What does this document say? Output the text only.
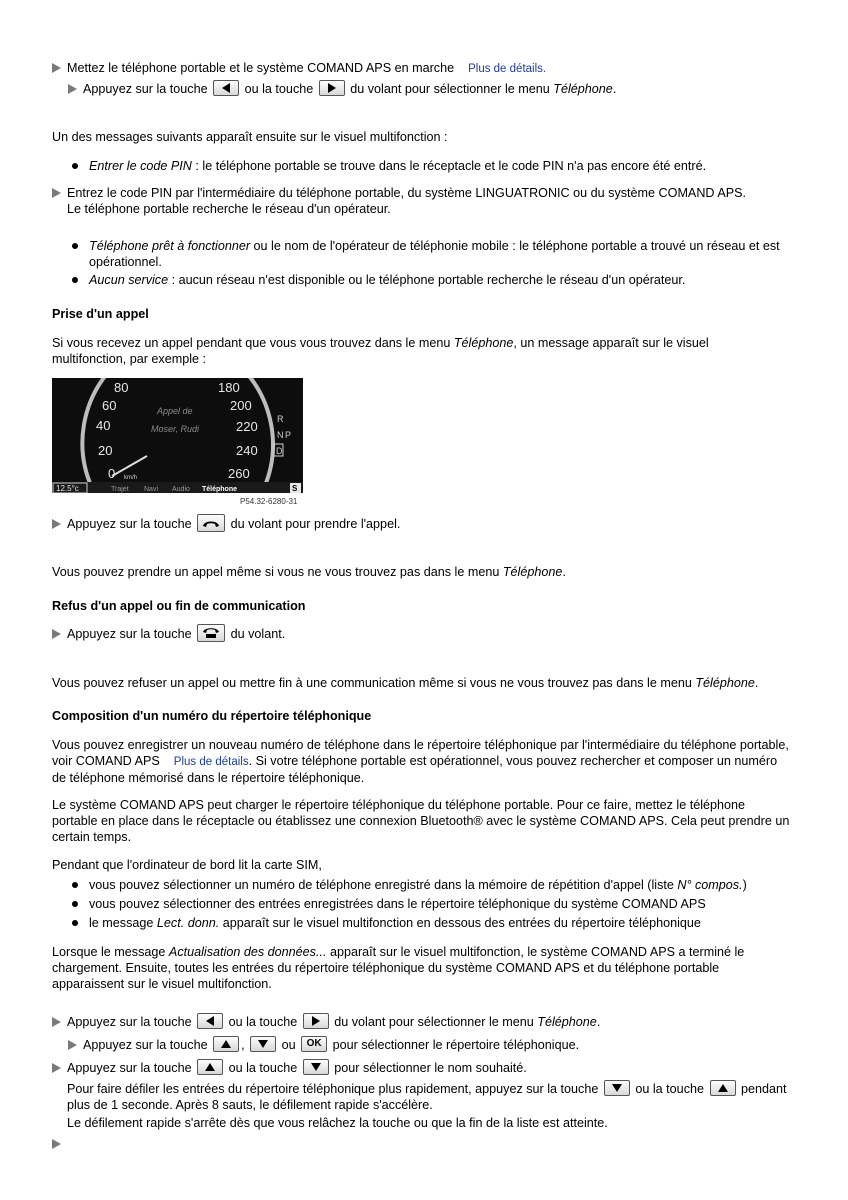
Mettez le téléphone portable et le système COMAND APS en marche Plus de détails.
Appuyez sur la touche	ou la touche	du volant pour sélectionner le menu Téléphone.
Un des messages suivants apparaît ensuite sur le visuel multifonction :
Entrer le code PIN : le téléphone portable se trouve dans le réceptacle et le code PIN n'a pas encore été entré.
Entrez le code PIN par l'intermédiaire du téléphone portable, du système LINGUATRONIC ou du système COMAND APS.
Le téléphone portable recherche le réseau d'un opérateur.
Téléphone prêt à fonctionner ou le nom de l'opérateur de téléphonie mobile : le téléphone portable a trouvé un réseau et est opérationnel.
Aucun service : aucun réseau n'est disponible ou le téléphone portable recherche le réseau d'un opérateur.
Prise d'un appel
Si vous recevez un appel pendant que vous vous trouvez dans le menu Téléphone, un message apparaît sur le visuel multifonction, par exemple :
80
60
40
20
0
180
200
220
240
260
Appel de
Moser, Rudi
km/h
R
N P
D
12.5°c	Trajet Navi Audio Téléphone	S
P54.32-6280-31
Appuyez sur la touche	du volant pour prendre l'appel.
Vous pouvez prendre un appel même si vous ne vous trouvez pas dans le menu Téléphone.
Refus d'un appel ou fin de communication
Appuyez sur la touche	du volant.
Vous pouvez refuser un appel ou mettre fin à une communication même si vous ne vous trouvez pas dans le menu Téléphone.
Composition d'un numéro du répertoire téléphonique
Vous pouvez enregistrer un nouveau numéro de téléphone dans le répertoire téléphonique par l'intermédiaire du téléphone portable, voir COMAND APS Plus de détails. Si votre téléphone portable est opérationnel, vous pouvez rechercher et composer un numéro de téléphone mémorisé dans le répertoire téléphonique.
Le système COMAND APS peut charger le répertoire téléphonique du téléphone portable. Pour ce faire, mettez le téléphone portable en place dans le réceptacle ou établissez une connexion Bluetooth® avec le système COMAND APS. Cela peut prendre un certain temps.
Pendant que l'ordinateur de bord lit la carte SIM,
vous pouvez sélectionner un numéro de téléphone enregistré dans la mémoire de répétition d'appel (liste N° compos.)
vous pouvez sélectionner des entrées enregistrées dans le répertoire téléphonique du système COMAND APS
le message Lect. donn. apparaît sur le visuel multifonction en dessous des entrées du répertoire téléphonique
Lorsque le message Actualisation des données... apparaît sur le visuel multifonction, le système COMAND APS a terminé le chargement. Ensuite, toutes les entrées du répertoire téléphonique du système COMAND APS et du téléphone portable apparaissent sur le visuel multifonction.
Appuyez sur la touche	ou la touche	du volant pour sélectionner le menu Téléphone.
Appuyez sur la touche	,	ou OK pour sélectionner le répertoire téléphonique.
Appuyez sur la touche	ou la touche	pour sélectionner le nom souhaité.
Pour faire défiler les entrées du répertoire téléphonique plus rapidement, appuyez sur la touche	ou la touche	pendant plus de 1 seconde. Après 8 sauts, le défilement rapide s'accélère.
Le défilement rapide s'arrête dès que vous relâchez la touche ou que la fin de la liste est atteinte.
